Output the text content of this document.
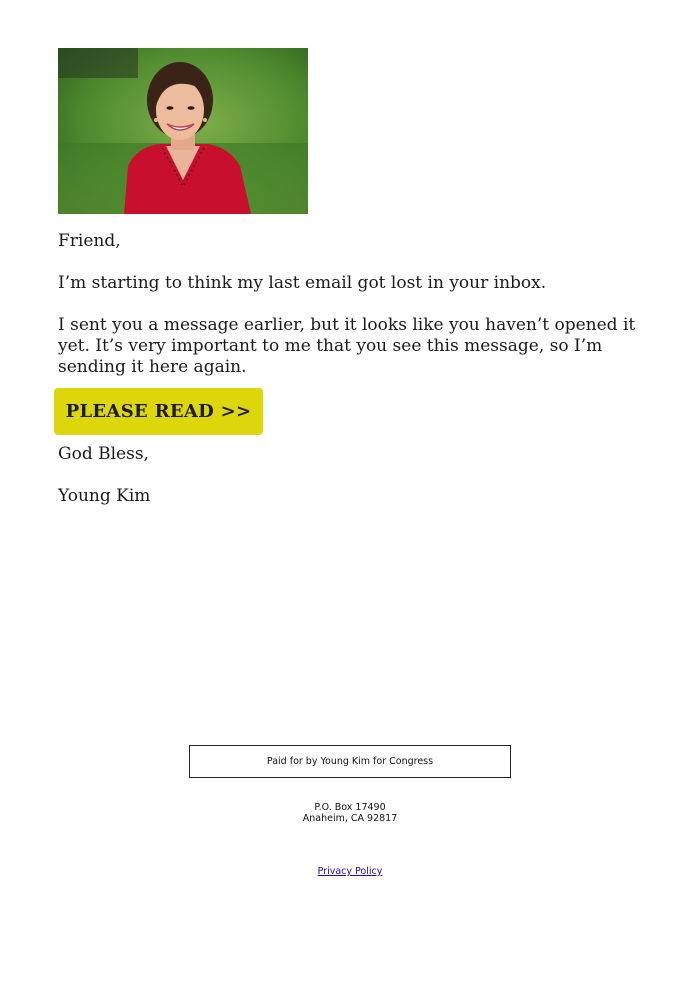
Friend,

I’m starting to think my last email got lost in your inbox.

I sent you a message earlier, but it looks like you haven’t opened it yet. It’s very important to me that you see this message, so I’m sending it here again.

PLEASE READ >>

God Bless,

Young Kim

Paid for by Young Kim for Congress
P.O. Box 17490
Anaheim, CA 92817
Privacy Policy
